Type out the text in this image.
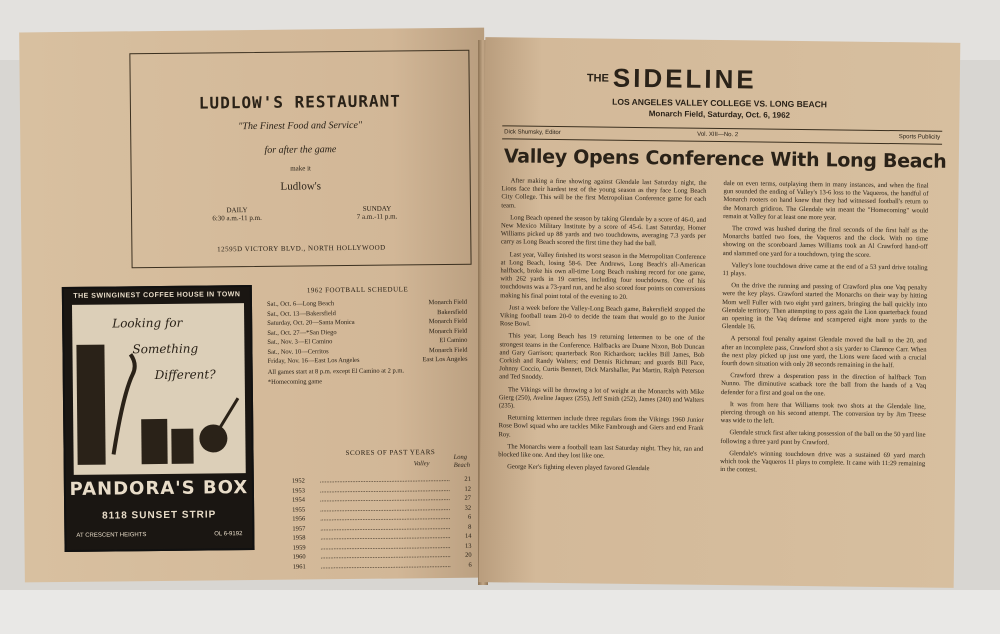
LUDLOW'S RESTAURANT
"The Finest Food and Service"
for after the game
make it
Ludlow's
DAILY
6:30 a.m.-11 p.m.
SUNDAY
7 a.m.-11 p.m.
12595D VICTORY BLVD., NORTH HOLLYWOOD
THE SWINGINEST COFFEE HOUSE IN TOWN
Looking for
Something
Different?
PANDORA'S BOX
8118 SUNSET STRIP
AT CRESCENT HEIGHTS	OL 6-9192
1962 FOOTBALL SCHEDULE
Sat., Oct. 6—Long Beach	Monarch Field
Sat., Oct. 13—Bakersfield	Bakersfield
Saturday, Oct. 20—Santa Monica	Monarch Field
Sat., Oct. 27—*San Diego	Monarch Field
Sat., Nov. 3—El Camino	El Camino
Sat., Nov. 10—Cerritos	Monarch Field
Friday, Nov. 16—East Los Angeles	East Los Angeles
All games start at 8 p.m. except El Camino at 2 p.m.
*Homecoming game
SCORES OF PAST YEARS
Valley
Long Beach
1952	................................................................................	21
1953	................................................................................	12
1954	................................................................................	27
1955	................................................................................	32
1956	................................................................................	6
1957	................................................................................	8
1958	................................................................................	14
1959	................................................................................	13
1960	................................................................................	20
1961	................................................................................	6
THE SIDELINE
LOS ANGELES VALLEY COLLEGE VS. LONG BEACH
Monarch Field, Saturday, Oct. 6, 1962
Dick Shumsky, Editor	Vol. XIII—No. 2	Sports Publicity
Valley Opens Conference With Long Beach

After making a fine showing against Glendale last Saturday night, the Lions face their hardest test of the young season as they face Long Beach City College. This will be the first Metropolitan Conference game for each team.

Long Beach opened the season by taking Glendale by a score of 46-0, and New Mexico Military Institute by a score of 45-6. Last Saturday, Homer Williams picked up 88 yards and two touchdowns, averaging 7.3 yards per carry as Long Beach scored the first time they had the ball.

Last year, Valley finished its worst season in the Metropolitan Conference at Long Beach, losing 58-6. Dee Andrews, Long Beach's all-American halfback, broke his own all-time Long Beach rushing record for one game, with 262 yards in 19 carries, including four touchdowns. One of his touchdowns was a 73-yard run, and he also scored four points on conversions making his final point total of the evening to 20.

Just a week before the Valley-Long Beach game, Bakersfield stopped the Viking football team 20-0 to decide the team that would go to the Junior Rose Bowl.

This year, Long Beach has 19 returning lettermen to be one of the strongest teams in the Conference. Halfbacks are Duane Nixon, Bob Duncan and Gary Garrison; quarterback Ron Richardson; tackles Bill James, Bob Corkish and Randy Walters; end Dennis Richman; and guards Bill Pace, Johnny Coccio, Curtis Bennett, Dick Marshaller, Pat Martin, Ralph Peterson and Ted Snoddy.

The Vikings will be throwing a lot of weight at the Monarchs with Mike Gierg (250), Aveline Jaquez (255), Jeff Smith (252), James (240) and Walters (235).

Returning lettermen include three regulars from the Vikings 1960 Junior Rose Bowl squad who are tackles Mike Fambrough and Giers and end Frank Roy.

The Monarchs were a football team last Saturday night. They hit, ran and blocked like one. And they lost like one.

George Ker's fighting eleven played favored Glendale

dale on even terms, outplaying them in many instances, and when the final gun sounded the ending of Valley's 13-6 loss to the Vaqueros, the handful of Monarch rooters on hand knew that they had witnessed football's return to the Monarch gridiron. The Glendale win meant the "Homecoming" would remain at Valley for at least one more year.

The crowd was hushed during the final seconds of the first half as the Monarchs battled two foes, the Vaqueros and the clock. With no time showing on the scoreboard James Williams took an Al Crawford hand-off and slammed one yard for a touchdown, tying the score.

Valley's lone touchdown drive came at the end of a 53 yard drive totaling 11 plays.

On the drive the running and passing of Crawford plus one Vaq penalty were the key plays. Crawford started the Monarchs on their way by hitting Mom well Fuller with two eight yard gainers, bringing the ball quickly into Glendale territory. Then attempting to pass again the Lion quarterback found an opening in the Vaq defense and scampered eight more yards to the Glendale 16.

A personal foul penalty against Glendale moved the ball to the 20, and after an incomplete pass, Crawford shot a six yarder to Clarence Carr. When the next play picked up just one yard, the Lions were faced with a crucial fourth down situation with only 28 seconds remaining in the half.

Crawford threw a desperation pass in the direction of halfback Tom Nunno. The diminutive scatback tore the ball from the hands of a Vaq defender for a first and goal on the one.

It was from here that Williams took two shots at the Glendale line, piercing through on his second attempt. The conversion try by Jim Treese was wide to the left.

Glendale struck first after taking possession of the ball on the 50 yard line following a three yard punt by Crawford.

Glendale's winning touchdown drive was a sustained 69 yard march which took the Vaqueros 11 plays to complete. It came with 11:29 remaining in the contest.
